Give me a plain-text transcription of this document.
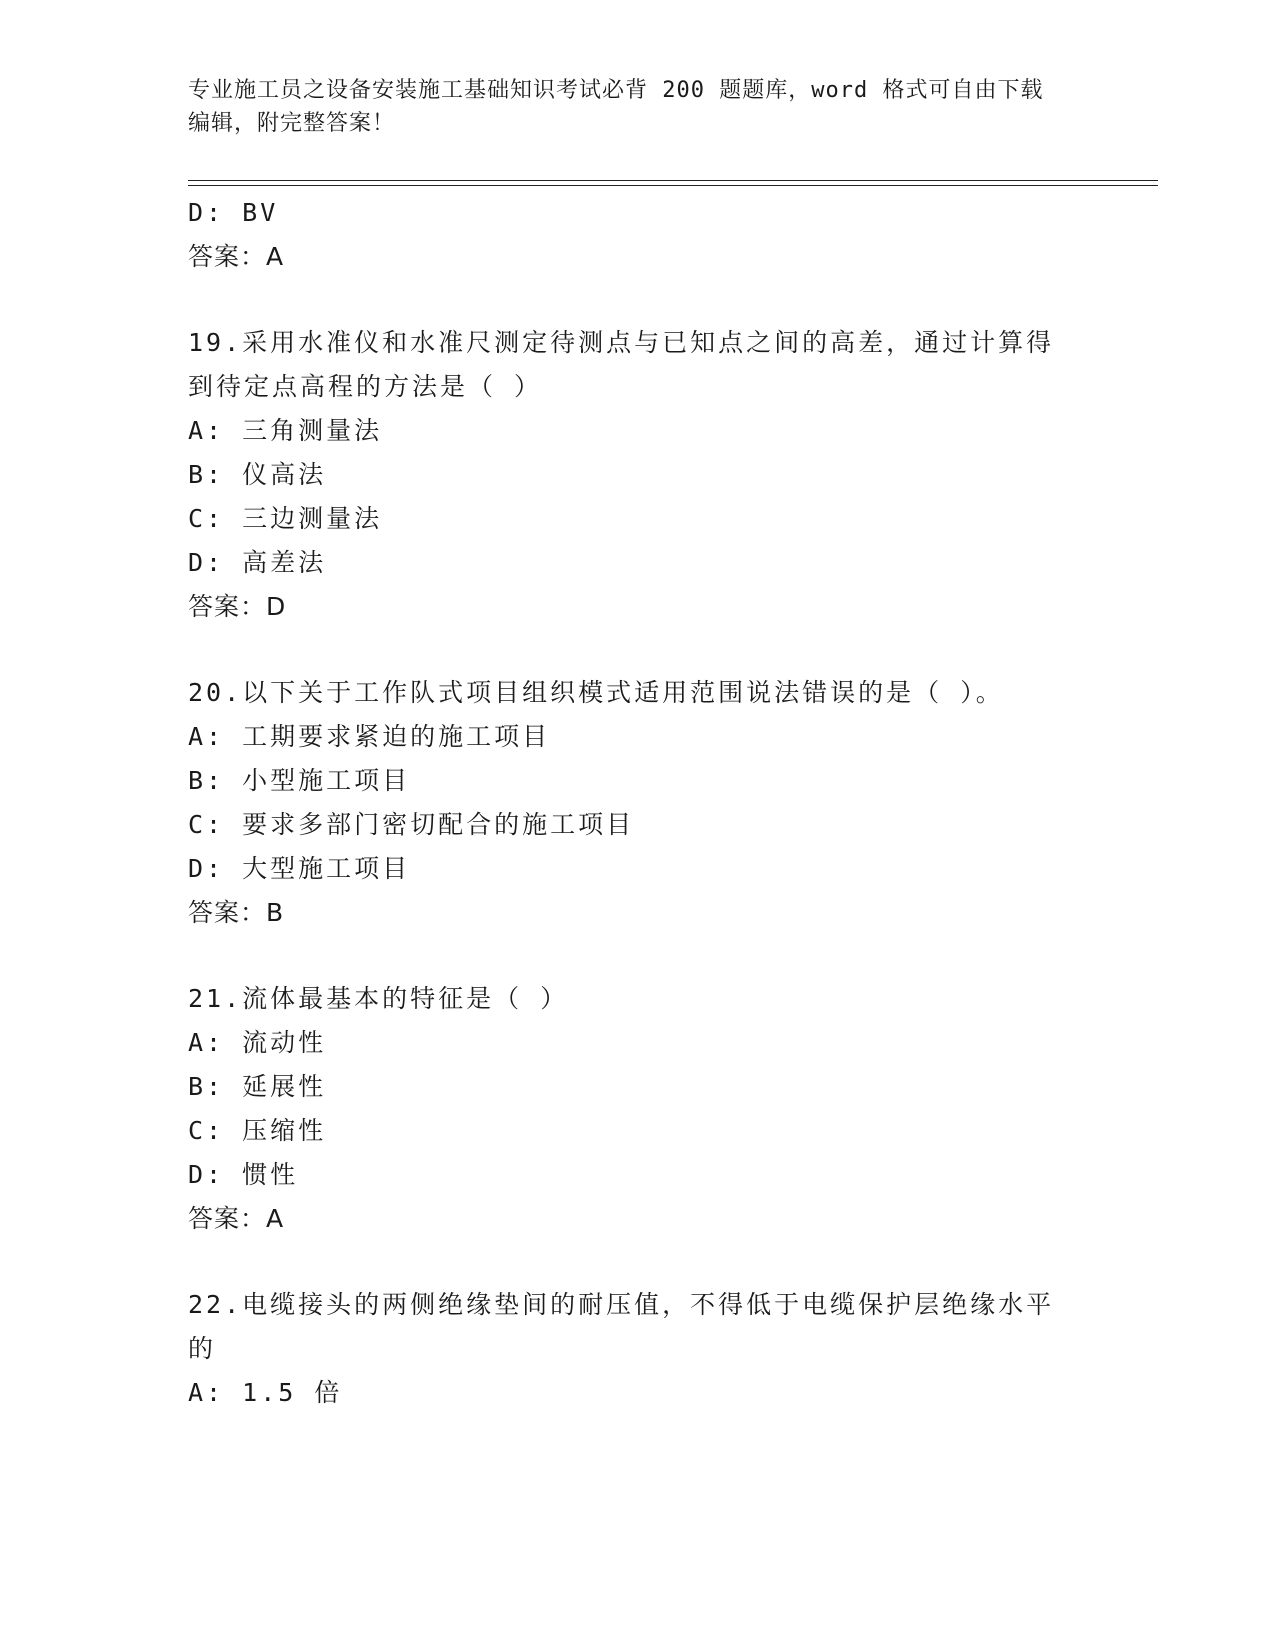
专业施工员之设备安装施工基础知识考试必背 200 题题库，word 格式可自由下载
编辑，附完整答案！
D: BV
答案：A
19.采用水准仪和水准尺测定待测点与已知点之间的高差，通过计算得
到待定点高程的方法是（ ）
A: 三角测量法
B: 仪高法
C: 三边测量法
D: 高差法
答案：D
20.以下关于工作队式项目组织模式适用范围说法错误的是（ ）。
A: 工期要求紧迫的施工项目
B: 小型施工项目
C: 要求多部门密切配合的施工项目
D: 大型施工项目
答案：B
21.流体最基本的特征是（ ）
A: 流动性
B: 延展性
C: 压缩性
D: 惯性
答案：A
22.电缆接头的两侧绝缘垫间的耐压值，不得低于电缆保护层绝缘水平
的
A: 1.5 倍
